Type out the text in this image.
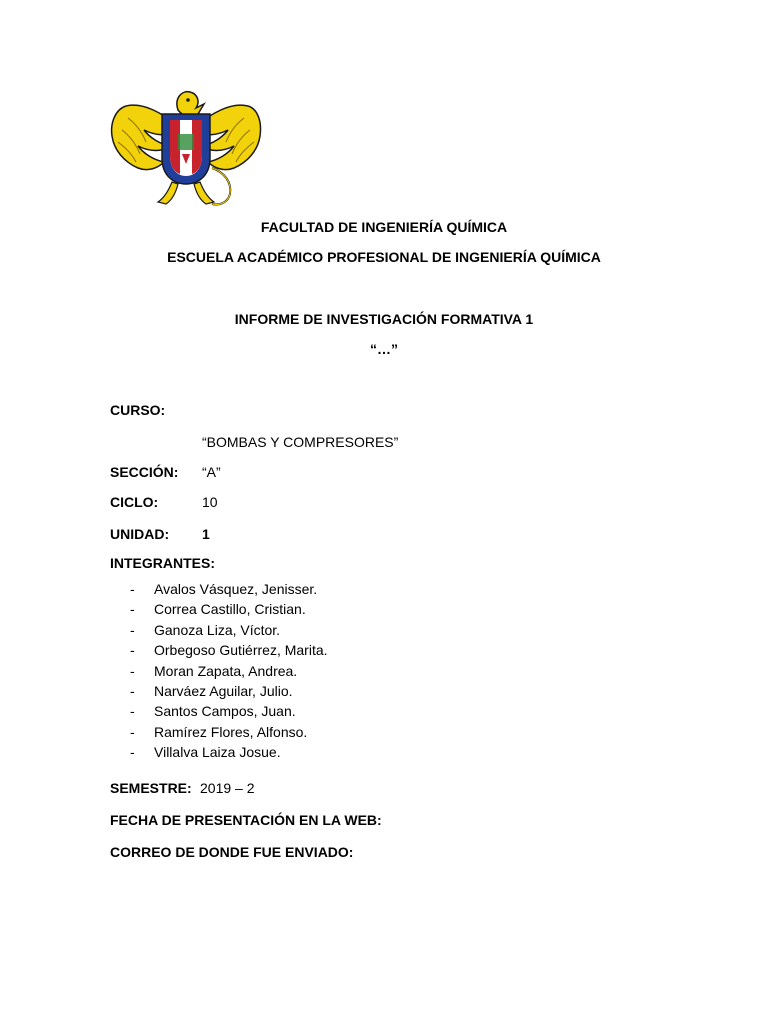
FACULTAD DE INGENIERÍA QUÍMICA
ESCUELA ACADÉMICO PROFESIONAL DE INGENIERÍA QUÍMICA
INFORME DE INVESTIGACIÓN FORMATIVA 1
“…”
CURSO:
“BOMBAS Y COMPRESORES”
SECCIÓN: “A”
CICLO:	10
UNIDAD: 1
INTEGRANTES:
- Avalos Vásquez, Jenisser.
- Correa Castillo, Cristian.
- Ganoza Liza, Víctor.
- Orbegoso Gutiérrez, Marita.
- Moran Zapata, Andrea.
- Narváez Aguilar, Julio.
- Santos Campos, Juan.
- Ramírez Flores, Alfonso.
- Villalva Laiza Josue.
SEMESTRE: 2019 – 2
FECHA DE PRESENTACIÓN EN LA WEB:
CORREO DE DONDE FUE ENVIADO:
